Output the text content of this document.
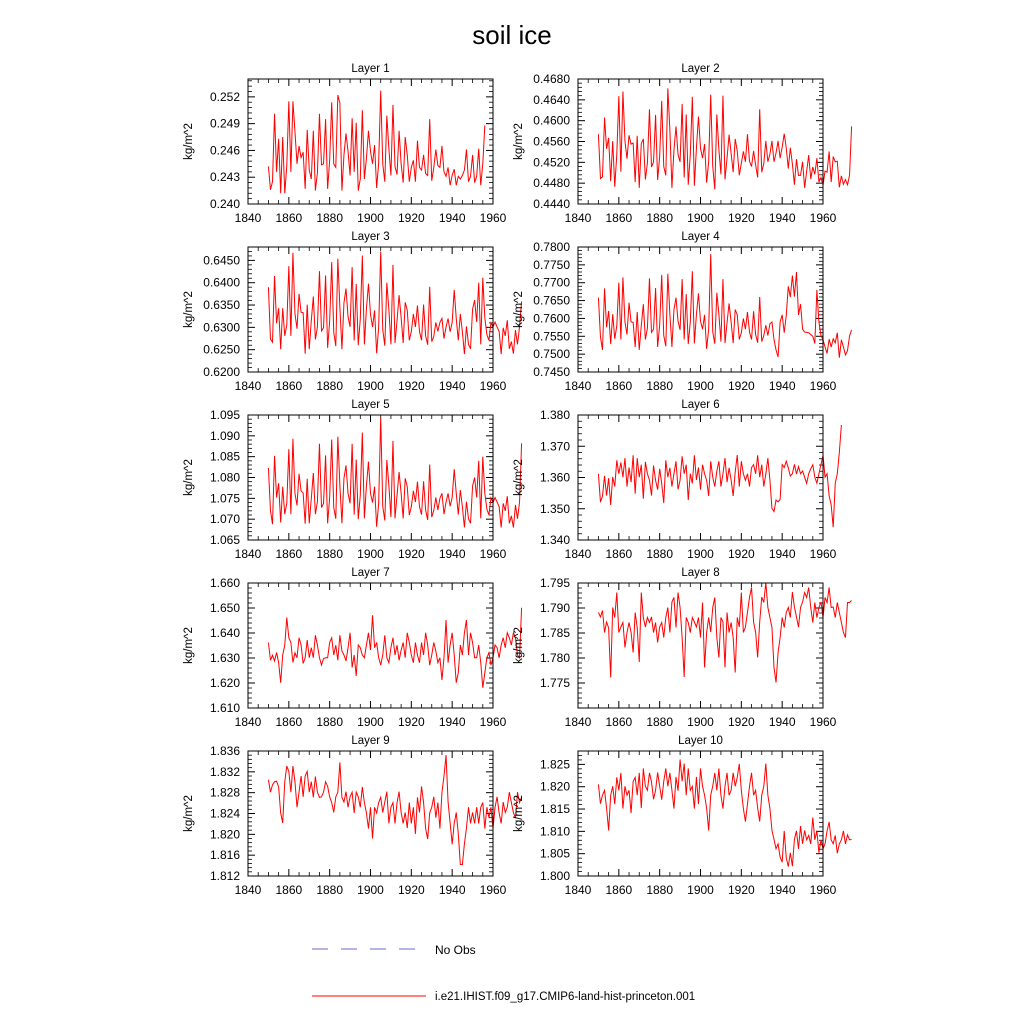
soil ice
Layer 1
kg/m^2
1840 1860 1880 1900 1920 1940 1960
0.240
0.243
0.246
0.249
0.252
Layer 2
kg/m^2
1840 1860 1880 1900 1920 1940 1960
0.4440
0.4480
0.4520
0.4560
0.4600
0.4640
0.4680
Layer 3
kg/m^2
1840 1860 1880 1900 1920 1940 1960
0.6200
0.6250
0.6300
0.6350
0.6400
0.6450
Layer 4
kg/m^2
1840 1860 1880 1900 1920 1940 1960
0.7450
0.7500
0.7550
0.7600
0.7650
0.7700
0.7750
0.7800
Layer 5
kg/m^2
1840 1860 1880 1900 1920 1940 1960
1.065
1.070
1.075
1.080
1.085
1.090
1.095
Layer 6
kg/m^2
1840 1860 1880 1900 1920 1940 1960
1.340
1.350
1.360
1.370
1.380
Layer 7
kg/m^2
1840 1860 1880 1900 1920 1940 1960
1.610
1.620
1.630
1.640
1.650
1.660
Layer 8
kg/m^2
1840 1860 1880 1900 1920 1940 1960
1.775
1.780
1.785
1.790
1.795
Layer 9
kg/m^2
1840 1860 1880 1900 1920 1940 1960
1.812
1.816
1.820
1.824
1.828
1.832
1.836
Layer 10
kg/m^2
1840 1860 1880 1900 1920 1940 1960
1.800
1.805
1.810
1.815
1.820
1.825
No Obs
i.e21.IHIST.f09_g17.CMIP6-land-hist-princeton.001
